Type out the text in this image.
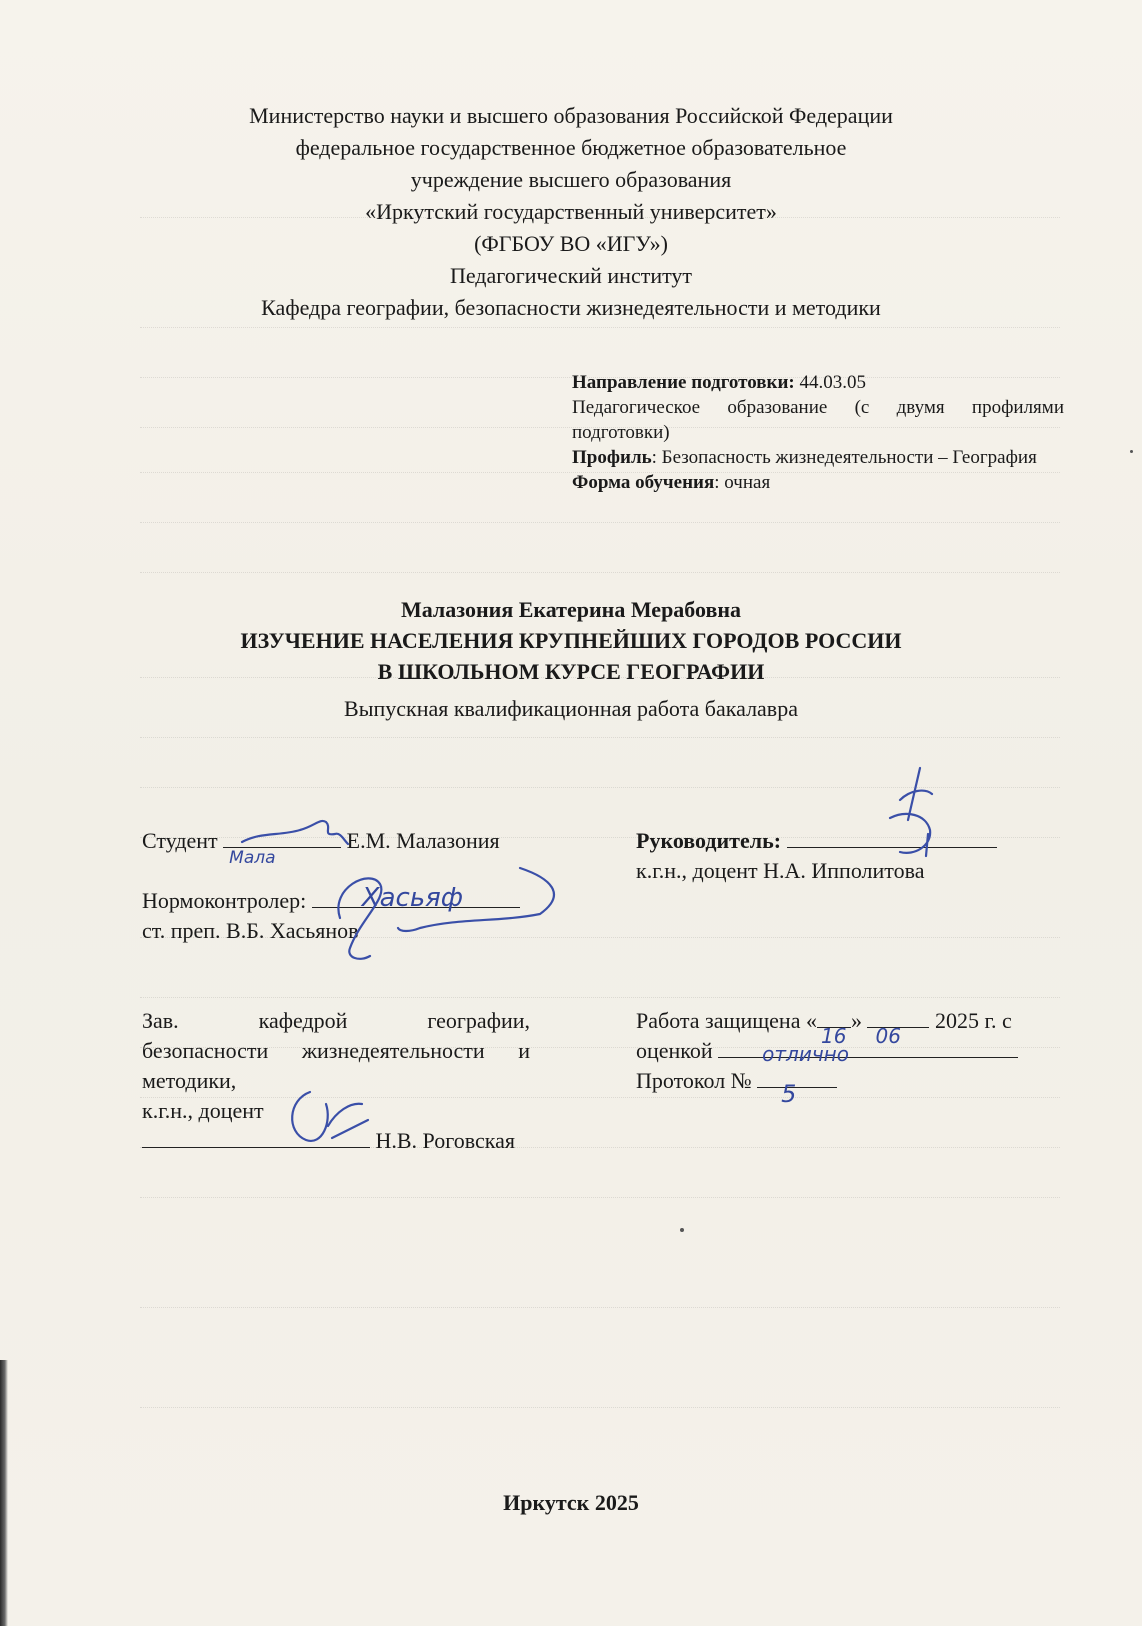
Министерство науки и высшего образования Российской Федерации
федеральное государственное бюджетное образовательное
учреждение высшего образования
«Иркутский государственный университет»
(ФГБОУ ВО «ИГУ»)
Педагогический институт
Кафедра географии, безопасности жизнедеятельности и методики
Направление подготовки: 44.03.05
Педагогическое образование (с двумя профилями подготовки)
Профиль: Безопасность жизнедеятельности – География
Форма обучения: очная
Малазония Екатерина Мерабовна
ИЗУЧЕНИЕ НАСЕЛЕНИЯ КРУПНЕЙШИХ ГОРОДОВ РОССИИ
В ШКОЛЬНОМ КУРСЕ ГЕОГРАФИИ
Выпускная квалификационная работа бакалавра
Студент
Мала
Е.М. Малазония	Руководитель:
к.г.н., доцент Н.А. Ипполитова
Нормоконтролер: Хасьяф
ст. преп. В.Б. Хасьянов
Зав. кафедрой географии,
безопасности жизнедеятельности и
методики,
к.г.н., доцент
Н.В. Роговская
Работа защищена «
16
»
06
2025 г. с
оценкой отлично
Протокол № 5
Иркутск 2025
